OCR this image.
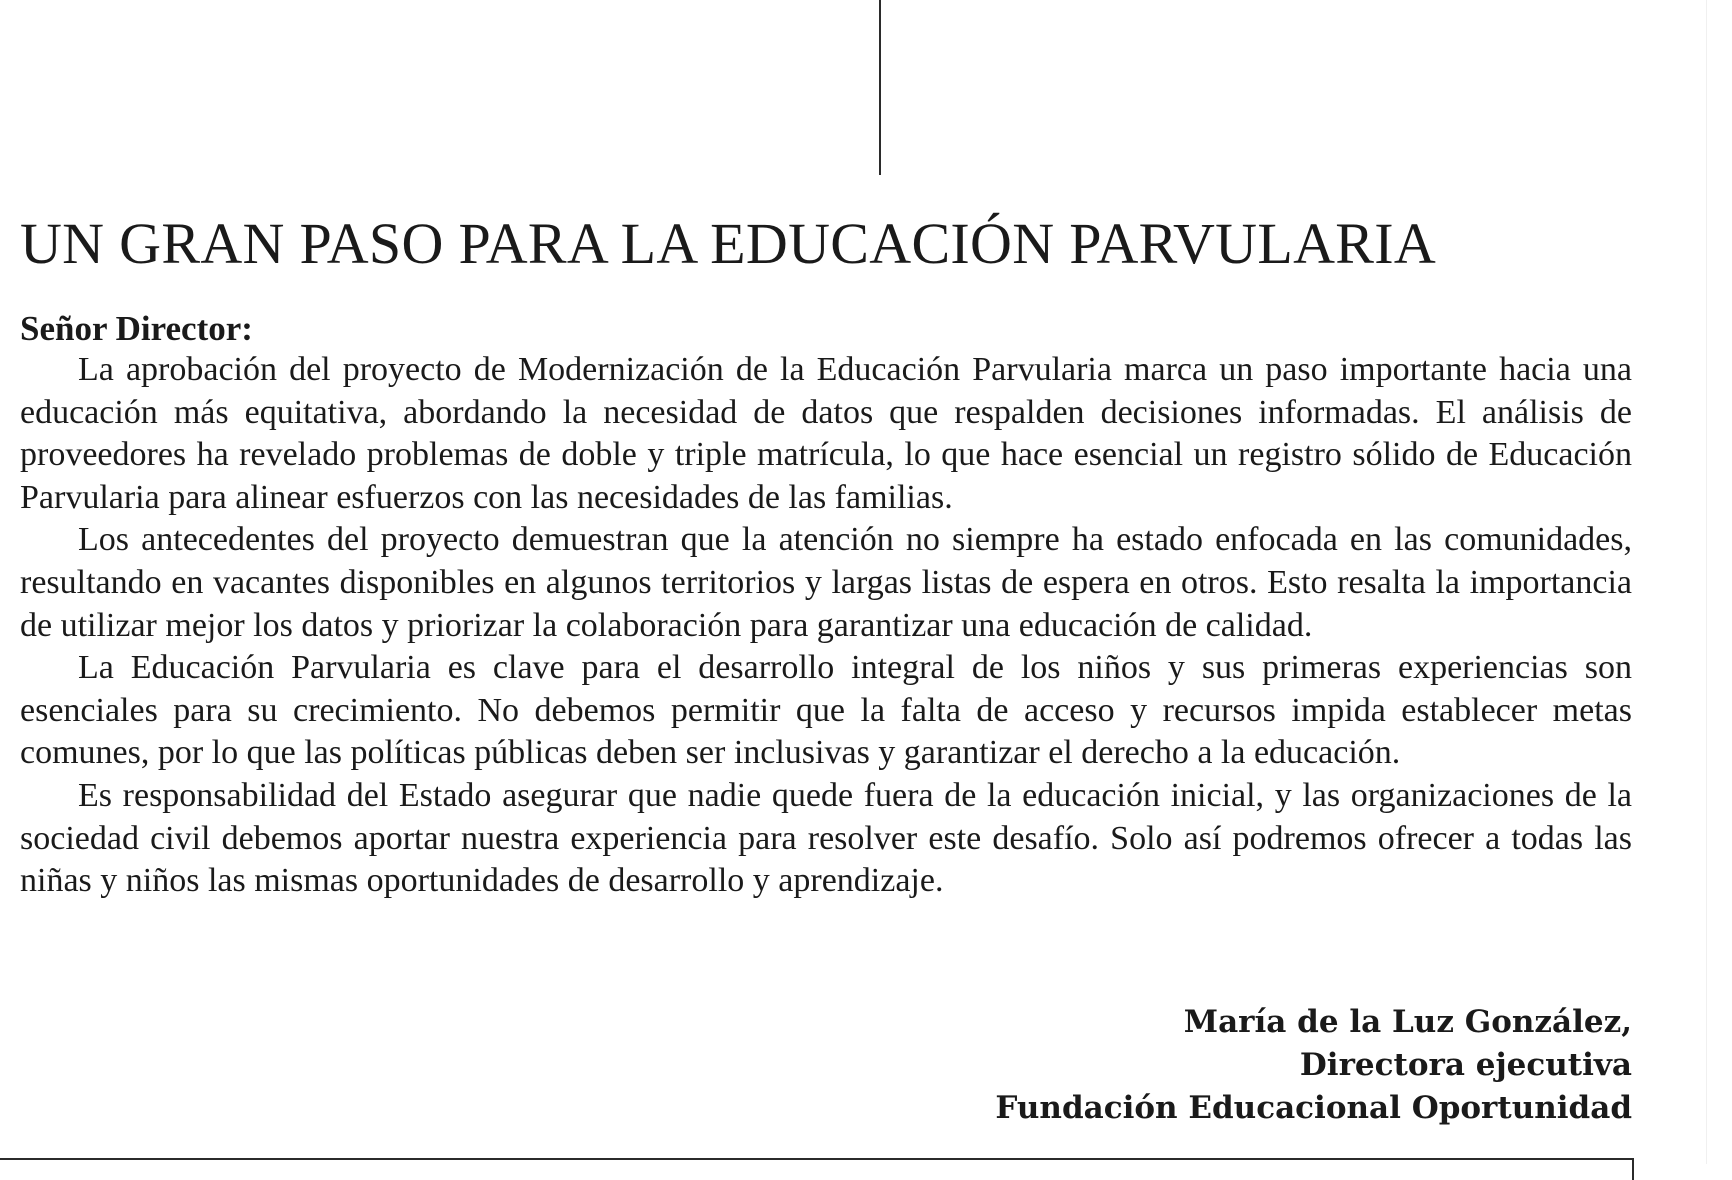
UN GRAN PASO PARA LA EDUCACIÓN PARVULARIA
Señor Director:

La aprobación del proyecto de Modernización de la Educación Parvularia marca un paso importante hacia una educación más equitativa, abordando la necesidad de datos que respalden decisiones informadas. El análisis de proveedores ha revelado problemas de doble y triple matrícula, lo que hace esencial un registro sólido de Educación Parvularia para alinear esfuerzos con las necesidades de las familias.

Los antecedentes del proyecto demuestran que la atención no siempre ha estado enfocada en las comunidades, resultando en vacantes disponibles en algunos territorios y largas listas de espera en otros. Esto resalta la importancia de utilizar mejor los datos y priorizar la colaboración para garantizar una educación de calidad.

La Educación Parvularia es clave para el desarrollo integral de los niños y sus primeras experiencias son esenciales para su crecimiento. No debemos permitir que la falta de acceso y recursos impida establecer metas comunes, por lo que las políticas públicas deben ser inclusivas y garantizar el derecho a la educación.

Es responsabilidad del Estado asegurar que nadie quede fuera de la educación inicial, y las organizaciones de la sociedad civil debemos aportar nuestra experiencia para resolver este desafío. Solo así podremos ofrecer a todas las niñas y niños las mismas oportunidades de desarrollo y aprendizaje.

María de la Luz González,
Directora ejecutiva
Fundación Educacional Oportunidad
